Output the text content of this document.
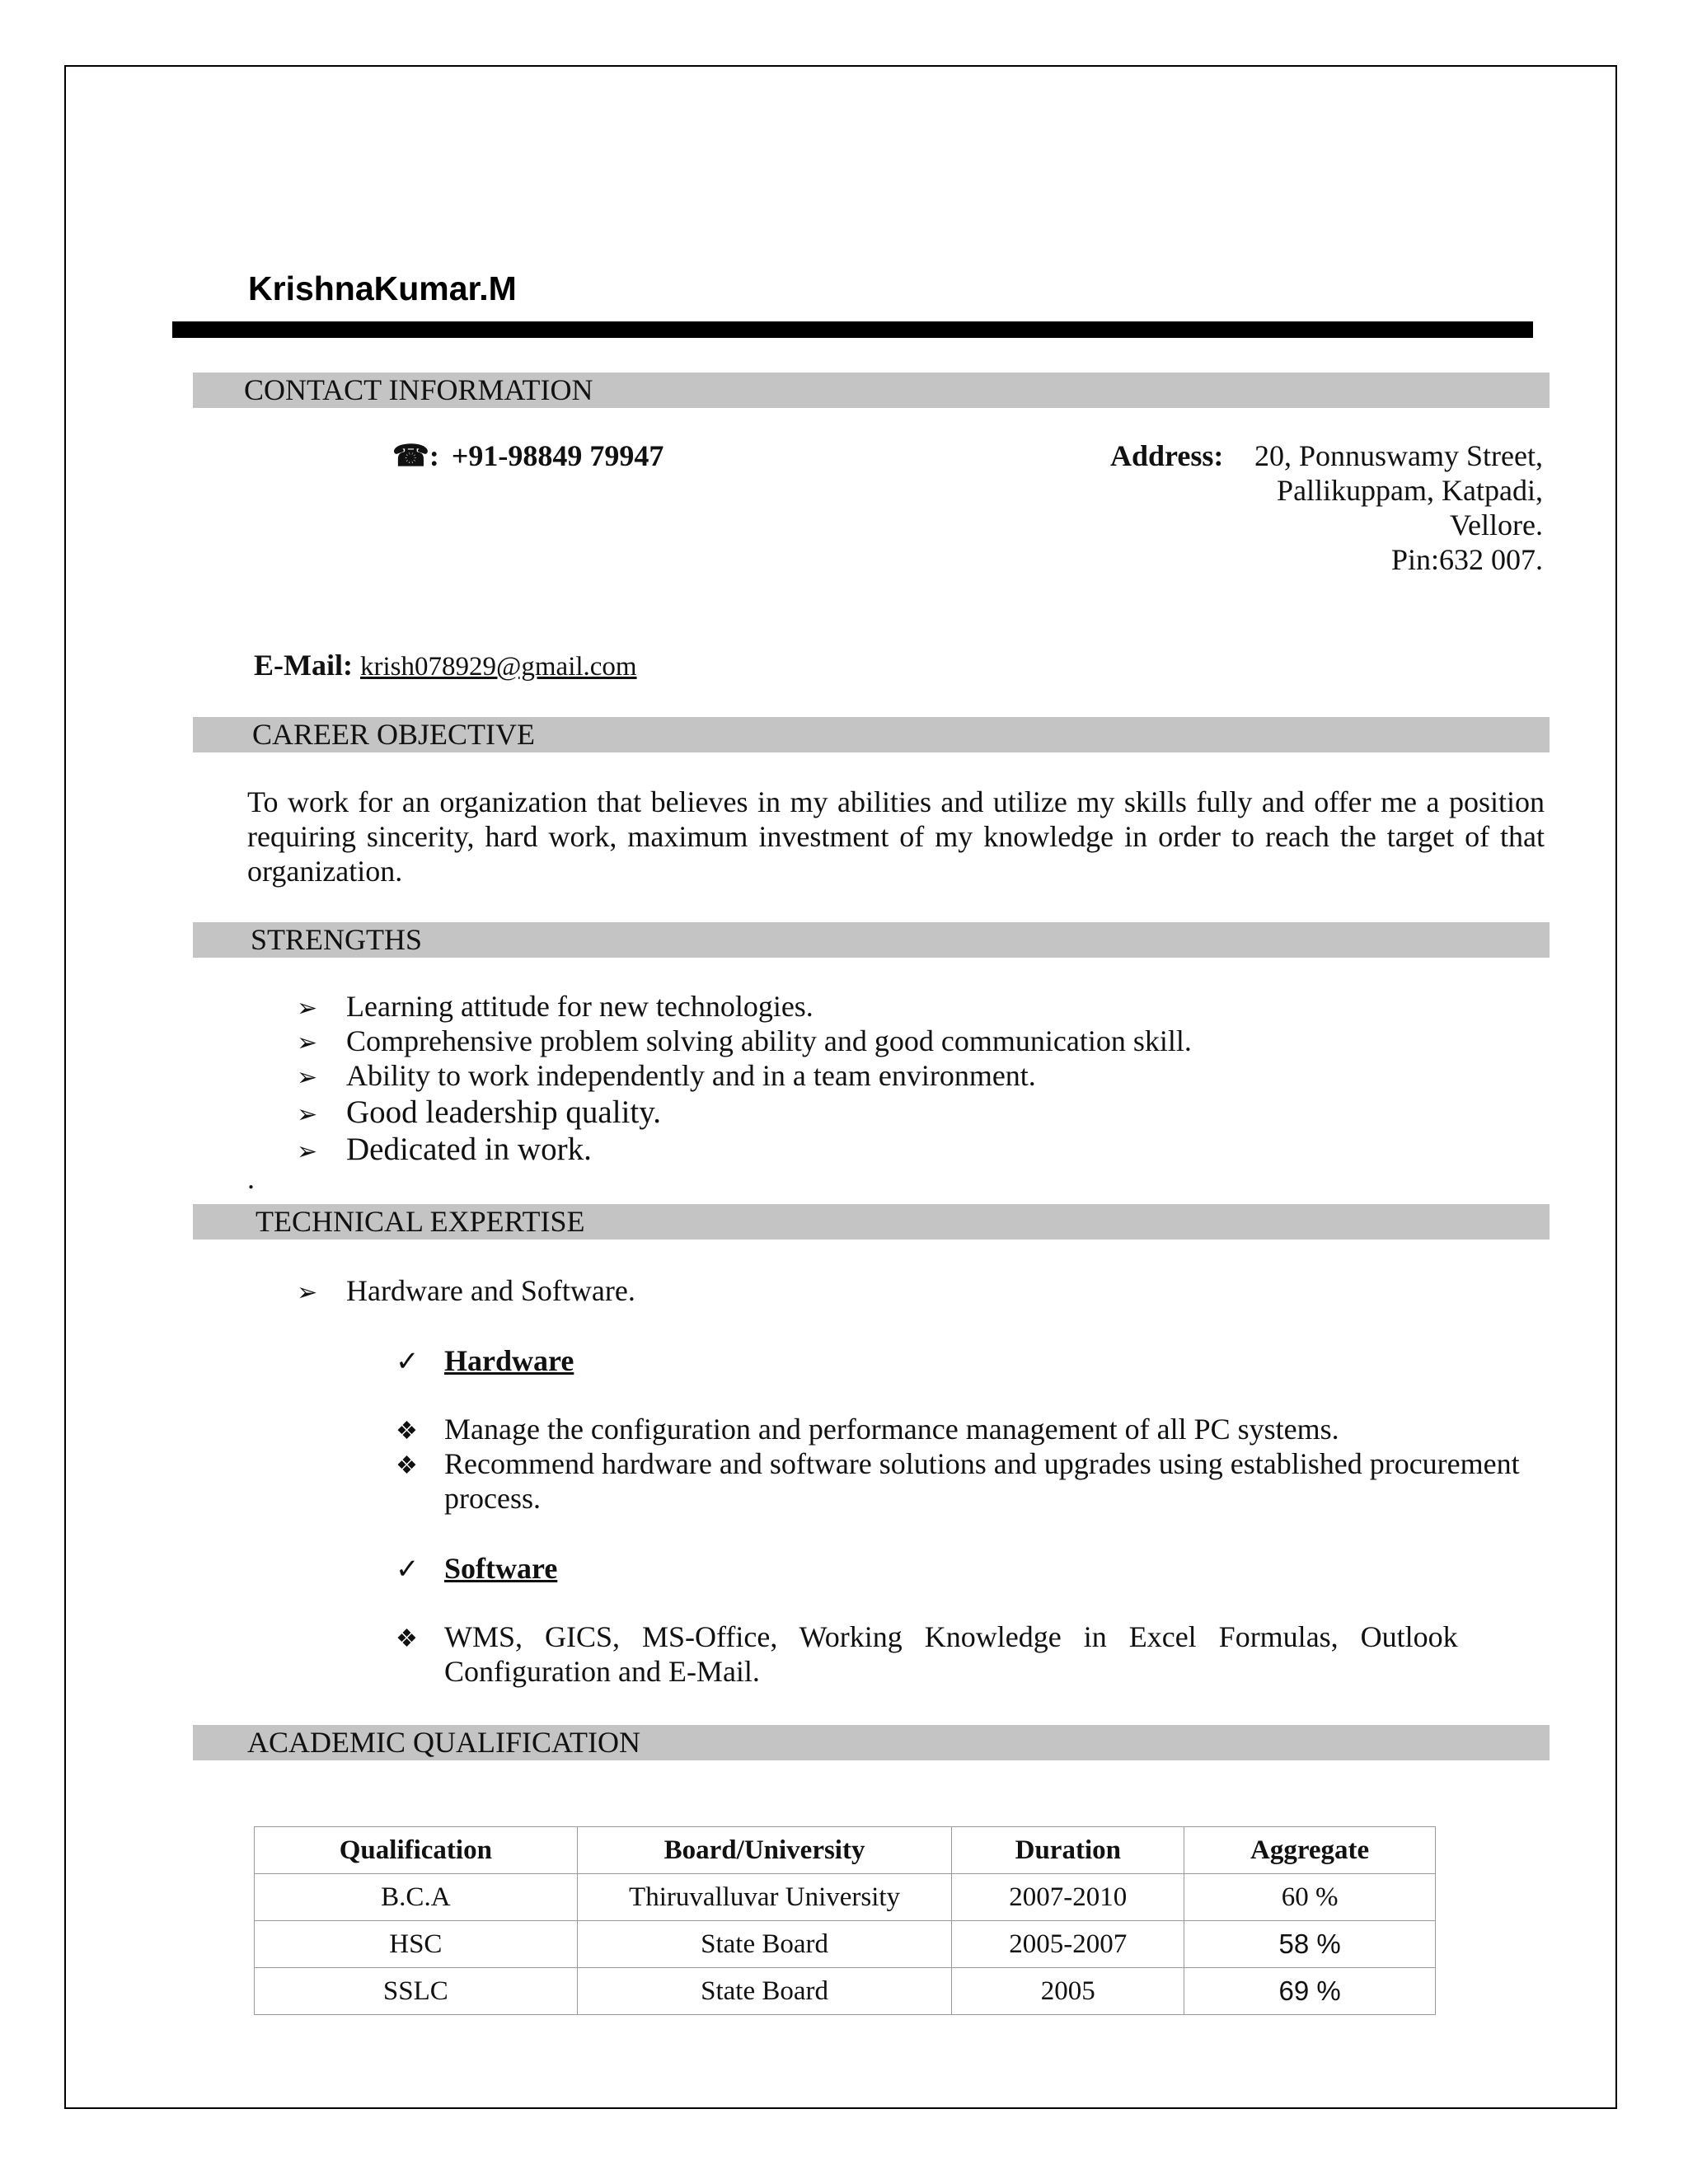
KrishnaKumar.M
CONTACT INFORMATION
☎: +91-98849 79947	Address:	20, Ponnuswamy Street,
Pallikuppam, Katpadi,
Vellore.
Pin:632 007.
E-Mail: krish078929@gmail.com
CAREER OBJECTIVE

To work for an organization that believes in my abilities and utilize my skills fully and offer me a position requiring sincerity, hard work, maximum investment of my knowledge in order to reach the target of that organization.

STRENGTHS
➢ Learning attitude for new technologies.
➢ Comprehensive problem solving ability and good communication skill.
➢ Ability to work independently and in a team environment.
➢ Good leadership quality.
➢ Dedicated in work.
.
TECHNICAL EXPERTISE
➢ Hardware and Software.
✓ Hardware
❖ Manage the configuration and performance management of all PC systems.
❖ Recommend hardware and software solutions and upgrades using established procurement
process.
✓ Software
❖ WMS,   GICS,   MS-Office,   Working   Knowledge   in   Excel   Formulas,   Outlook
Configuration and E-Mail.
ACADEMIC QUALIFICATION
Qualification	Board/University	Duration	Aggregate
B.C.A	Thiruvalluvar University	2007-2010	60 %
HSC	State Board	2005-2007	58 %
SSLC	State Board	2005	69 %
